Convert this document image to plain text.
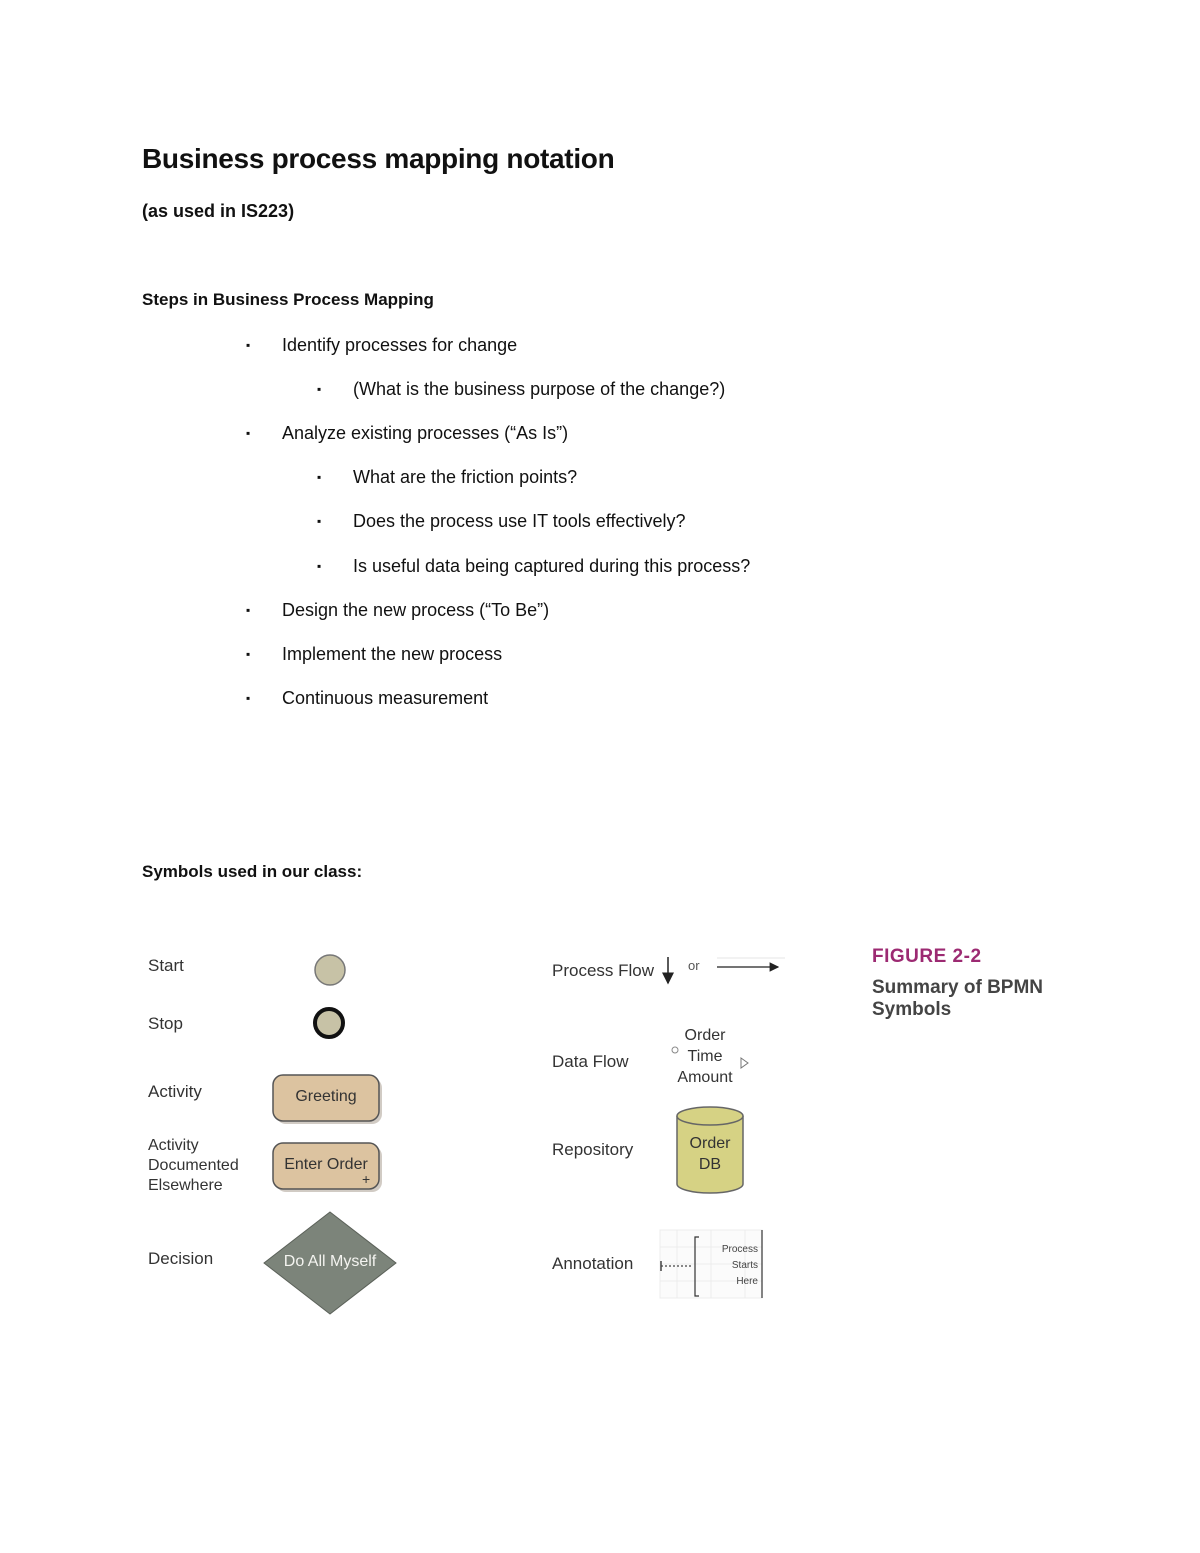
Business process mapping notation
(as used in IS223)
Steps in Business Process Mapping
▪ Identify processes for change
▪ (What is the business purpose of the change?)
▪ Analyze existing processes (“As Is”)
▪ What are the friction points?
▪ Does the process use IT tools effectively?
▪ Is useful data being captured during this process?
▪ Design the new process (“To Be”)
▪ Implement the new process
▪ Continuous measurement
Symbols used in our class:
Start
Stop
Activity
Activity
Documented
Elsewhere
Decision
Greeting
Enter Order
+
Do All Myself
Process Flow	or
Data Flow
Order
Time
Amount
Repository	Order
DB
Annotation
Process
Starts
Here
FIGURE 2-2
Summary of BPMN Symbols
